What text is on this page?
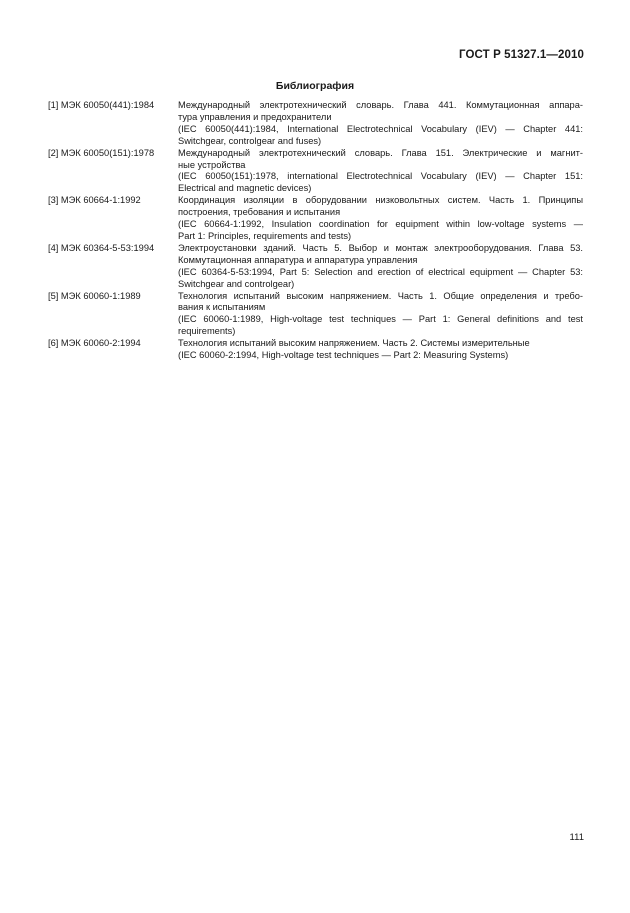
ГОСТ Р 51327.1—2010
Библиография
[1] МЭК 60050(441):1984	Международный электротехнический словарь. Глава 441. Коммутационная аппара-
тура управления и предохранители
(IEC 60050(441):1984, International Electrotechnical Vocabulary (IEV) — Chapter 441:
Switchgear, controlgear and fuses)
[2] МЭК 60050(151):1978	Международный электротехнический словарь. Глава 151. Электрические и магнит-
ные устройства
(IEC 60050(151):1978, international Electrotechnical Vocabulary (IEV) — Chapter 151:
Electrical and magnetic devices)
[3] МЭК 60664-1:1992	Координация изоляции в оборудовании низковольтных систем. Часть 1. Принципы
построения, требования и испытания
(IEC 60664-1:1992, Insulation coordination for equipment within low-voltage systems —
Part 1: Principles, requirements and tests)
[4] МЭК 60364-5-53:1994	Электроустановки зданий. Часть 5. Выбор и монтаж электрооборудования. Глава 53.
Коммутационная аппаратура и аппаратура управления
(IEC 60364-5-53:1994, Part 5: Selection and erection of electrical equipment — Chapter 53:
Switchgear and controlgear)
[5] МЭК 60060-1:1989	Технология испытаний высоким напряжением. Часть 1. Общие определения и требо-
вания к испытаниям
(IEC 60060-1:1989, High-voltage test techniques — Part 1: General definitions and test
requirements)
[6] МЭК 60060-2:1994	Технология испытаний высоким напряжением. Часть 2. Системы измерительные
(IEC 60060-2:1994, High-voltage test techniques — Part 2: Measuring Systems)
111
